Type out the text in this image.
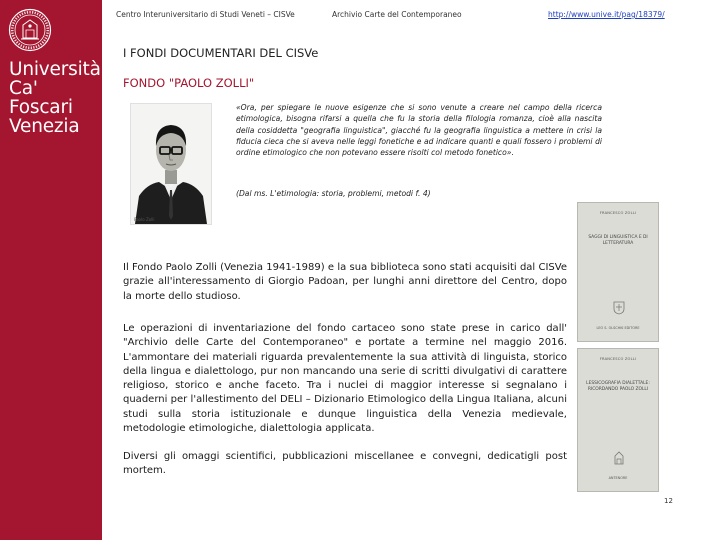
Università
Ca' Foscari
Venezia
Centro Interuniversitario di Studi Veneti – CISVe	Archivio Carte del Contemporaneo	http://www.unive.it/pag/18379/
I FONDI DOCUMENTARI DEL CISVe
FONDO "PAOLO ZOLLI"
Paolo Zolli
«Ora, per spiegare le nuove esigenze che si sono venute a creare nel campo della ricerca etimologica, bisogna rifarsi a quella che fu la storia della filologia romanza, cioè alla nascita della cosiddetta "geografia linguistica", giacché fu la geografia linguistica a mettere in crisi la fiducia cieca che si aveva nelle leggi fonetiche e ad indicare quanti e quali fossero i problemi di ordine etimologico che non potevano essere risolti col metodo fonetico».
(Dal ms. L'etimologia: storia, problemi, metodi f. 4)
FRANCESCO ZOLLI
SAGGI DI LINGUISTICA E DI LETTERATURA
LEO S. OLSCHKI EDITORE
FRANCESCO ZOLLI
LESSICOGRAFIA DIALETTALE: RICORDANDO PAOLO ZOLLI
ANTENORE
Il Fondo Paolo Zolli (Venezia 1941-1989) e la sua biblioteca sono stati acquisiti dal CISVe grazie all'interessamento di Giorgio Padoan, per lunghi anni direttore del Centro, dopo la morte dello studioso.
Le operazioni di inventariazione del fondo cartaceo sono state prese in carico dall' "Archivio delle Carte del Contemporaneo" e portate a termine nel maggio 2016. L'ammontare dei materiali riguarda prevalentemente la sua attività di linguista, storico della lingua e dialettologo, pur non mancando una serie di scritti divulgativi di carattere religioso, storico e anche faceto. Tra i nuclei di maggior interesse si segnalano i quaderni per l'allestimento del DELI – Dizionario Etimologico della Lingua Italiana, alcuni studi sulla storia istituzionale e dunque linguistica della Venezia medievale, metodologie etimologiche, dialettologia applicata.
Diversi gli omaggi scientifici, pubblicazioni miscellanee e convegni, dedicatigli post mortem.
12
